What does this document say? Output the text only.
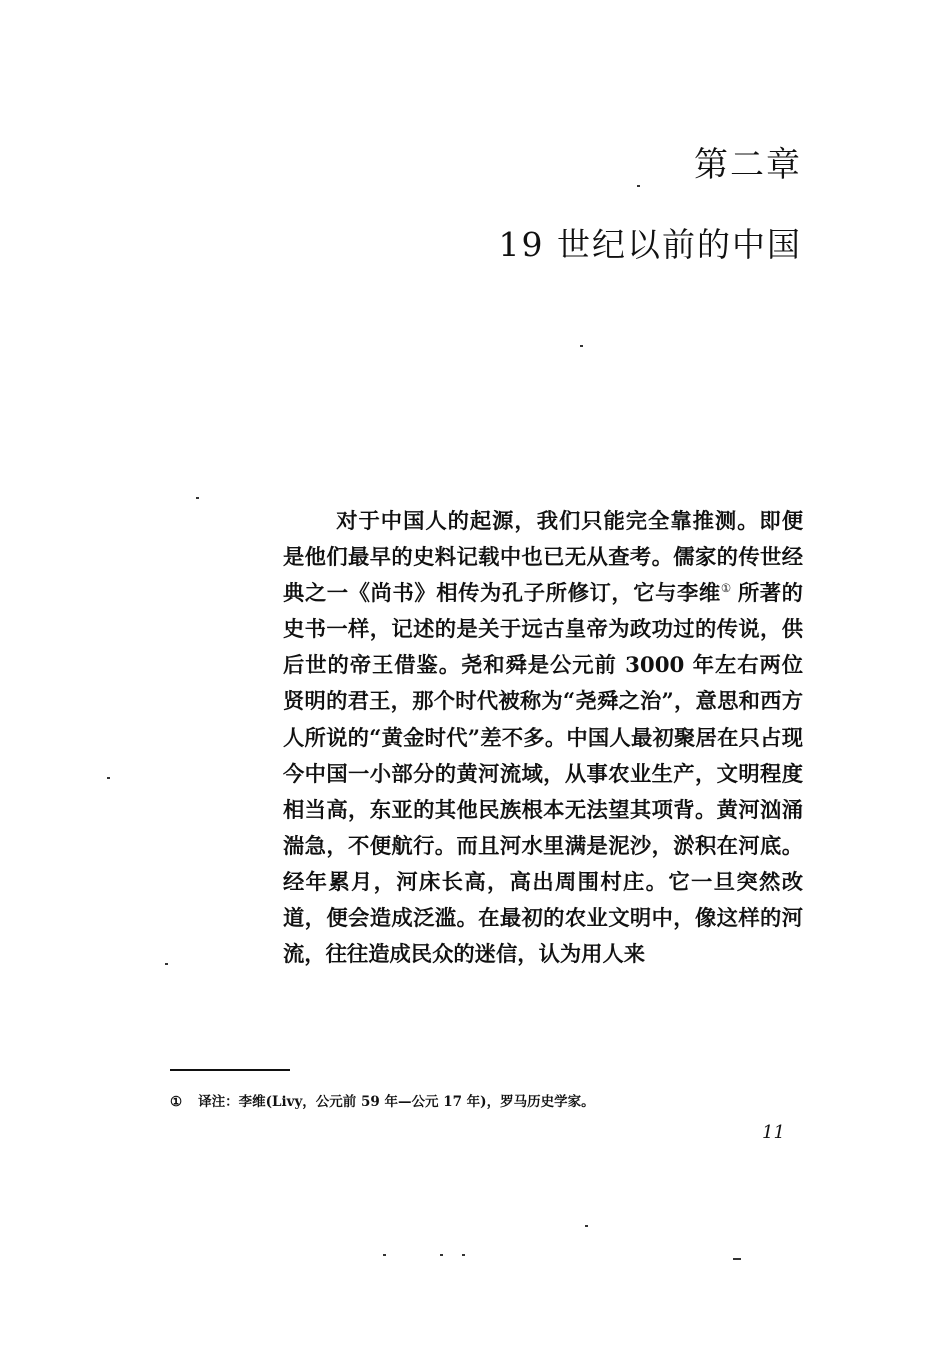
第二章
19 世纪以前的中国

对于中国人的起源，我们只能完全靠推测。即便是他们最早的史料记载中也已无从查考。儒家的传世经典之一《尚书》相传为孔子所修订，它与李维① 所著的史书一样，记述的是关于远古皇帝为政功过的传说，供后世的帝王借鉴。尧和舜是公元前 3000 年左右两位贤明的君王，那个时代被称为“尧舜之治”，意思和西方人所说的“黄金时代”差不多。中国人最初聚居在只占现今中国一小部分的黄河流域，从事农业生产，文明程度相当高，东亚的其他民族根本无法望其项背。黄河汹涌湍急，不便航行。而且河水里满是泥沙，淤积在河底。经年累月，河床长高，高出周围村庄。它一旦突然改道，便会造成泛滥。在最初的农业文明中，像这样的河流，往往造成民众的迷信，认为用人来

① 译注：李维(Livy，公元前 59 年—公元 17 年)，罗马历史学家。
11
